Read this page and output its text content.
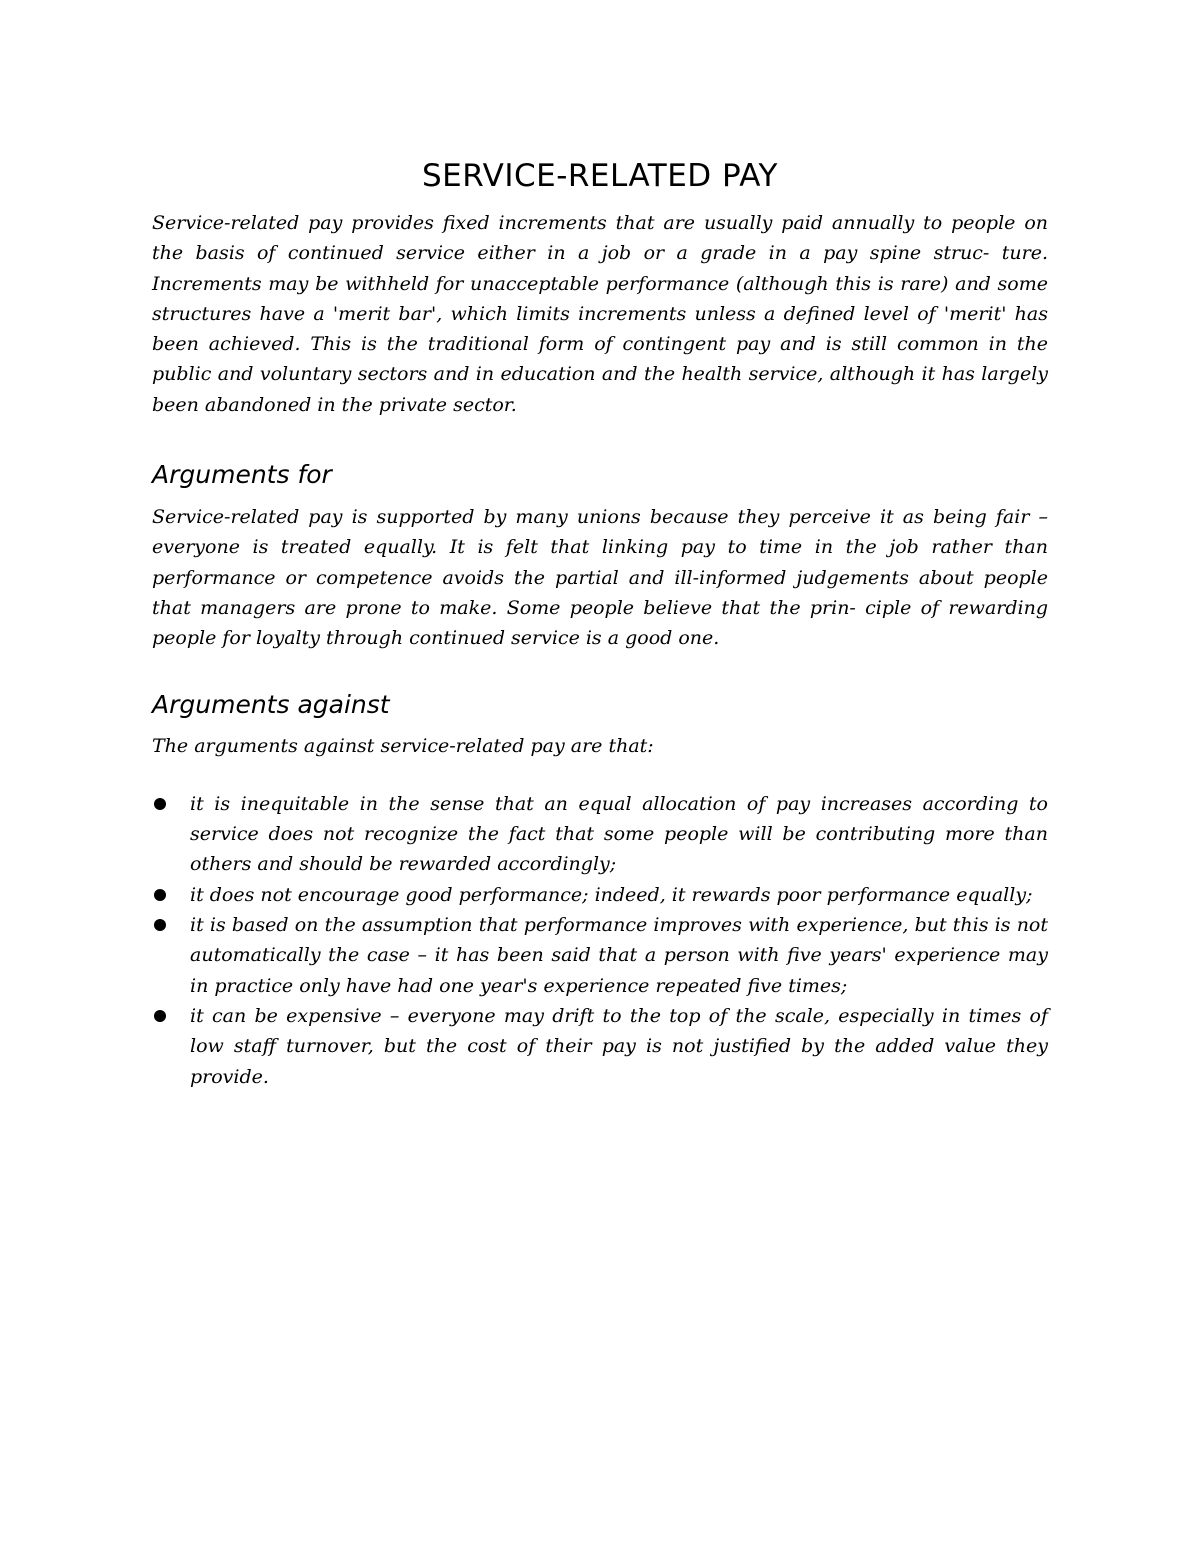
SERVICE-RELATED PAY

Service-related pay provides fixed increments that are usually paid annually to people on the basis of continued service either in a job or a grade in a pay spine struc- ture. Increments may be withheld for unacceptable performance (although this is rare) and some structures have a 'merit bar', which limits increments unless a defined level of 'merit' has been achieved. This is the traditional form of contingent pay and is still common in the public and voluntary sectors and in education and the health service, although it has largely been abandoned in the private sector.

Arguments for

Service-related pay is supported by many unions because they perceive it as being fair – everyone is treated equally. It is felt that linking pay to time in the job rather than performance or competence avoids the partial and ill-informed judgements about people that managers are prone to make. Some people believe that the prin- ciple of rewarding people for loyalty through continued service is a good one.

Arguments against

The arguments against service-related pay are that:

it is inequitable in the sense that an equal allocation of pay increases according to service does not recognize the fact that some people will be contributing more than others and should be rewarded accordingly;

it does not encourage good performance; indeed, it rewards poor performance equally;

it is based on the assumption that performance improves with experience, but this is not automatically the case – it has been said that a person with five years' experience may in practice only have had one year's experience repeated five times;

it can be expensive – everyone may drift to the top of the scale, especially in times of low staff turnover, but the cost of their pay is not justified by the added value they provide.
